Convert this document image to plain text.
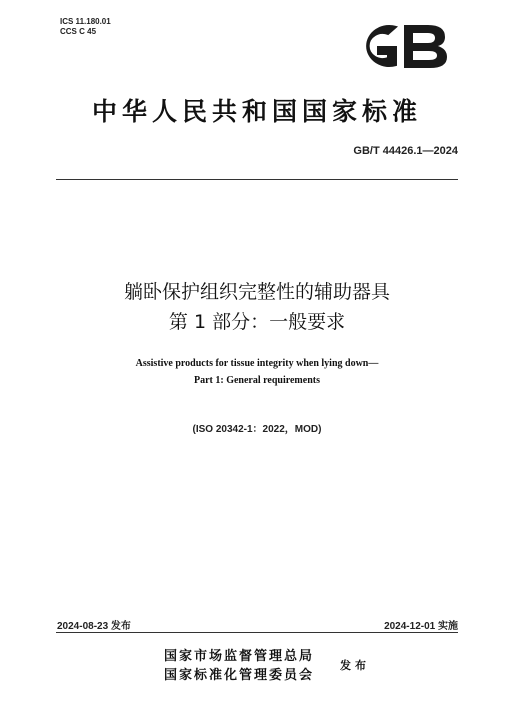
ICS 11.180.01
CCS C 45
中华人民共和国国家标准
GB/T 44426.1—2024
躺卧保护组织完整性的辅助器具
第 1 部分：一般要求
Assistive products for tissue integrity when lying down—
Part 1: General requirements
(ISO 20342-1：2022，MOD)
2024-08-23 发布	2024-12-01 实施
国家市场监督管理总局
国家标准化管理委员会
发布
